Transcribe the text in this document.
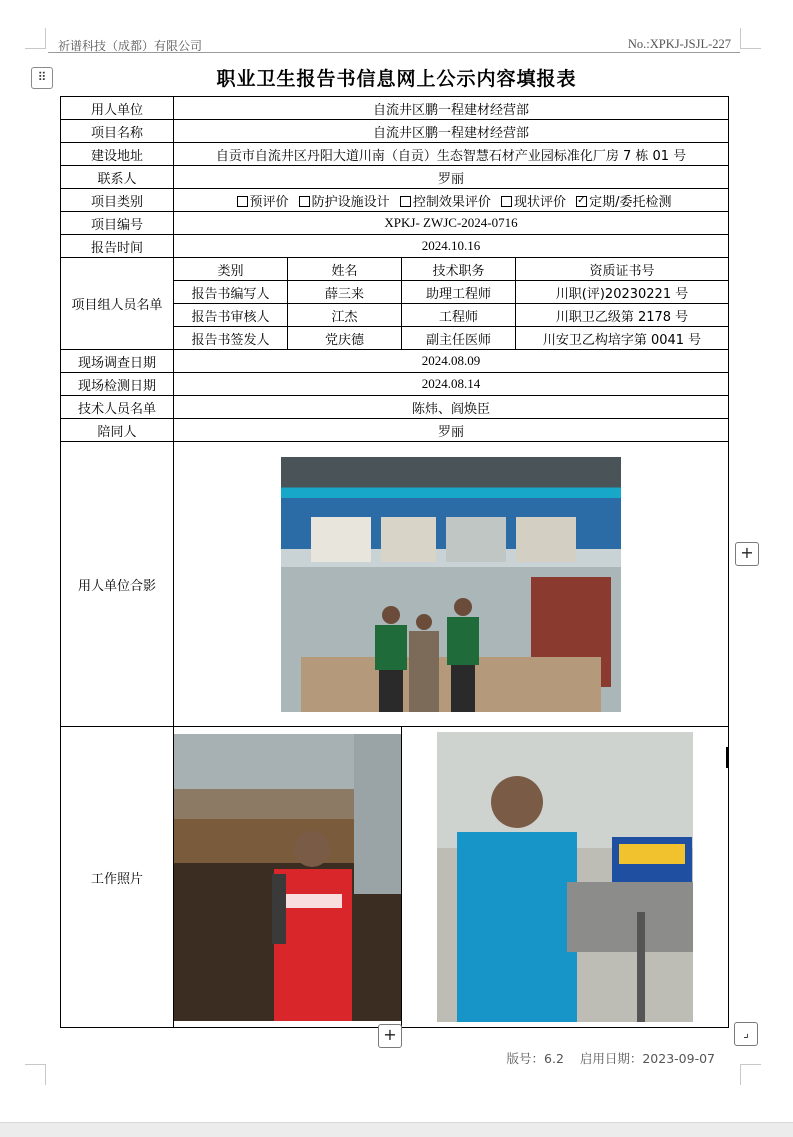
祈谱科技（成都）有限公司	No.:XPKJ-JSJL-227
⠿	职业卫生报告书信息网上公示内容填报表
用人单位	自流井区鹏一程建材经营部			
项目名称	自流井区鹏一程建材经营部			
建设地址	自贡市自流井区丹阳大道川南（自贡）生态智慧石材产业园标准化厂房 7 栋 01 号			
联系人	罗丽			
项目类别	预评价 防护设施设计 控制效果评价 现状评价 ✓ 定期/委托检测
项目编号	XPKJ- ZWJC-2024-0716			
报告时间	2024.10.16			
项目组人员名单	类别	姓名	技术职务	资质证书号
	报告书编写人	薛三来	助理工程师	川职(评)20230221 号
	报告书审核人	江杰	工程师	川职卫乙级第 2178 号
	报告书签发人	党庆德	副主任医师	川安卫乙构培字第 0041 号
现场调查日期	2024.08.09			
现场检测日期	2024.08.14			
技术人员名单	陈炜、阎焕臣			
陪同人	罗丽			
用人单位合影	

工作照片	

+
+	⌟
版号：6.2 启用日期：2023-09-07
